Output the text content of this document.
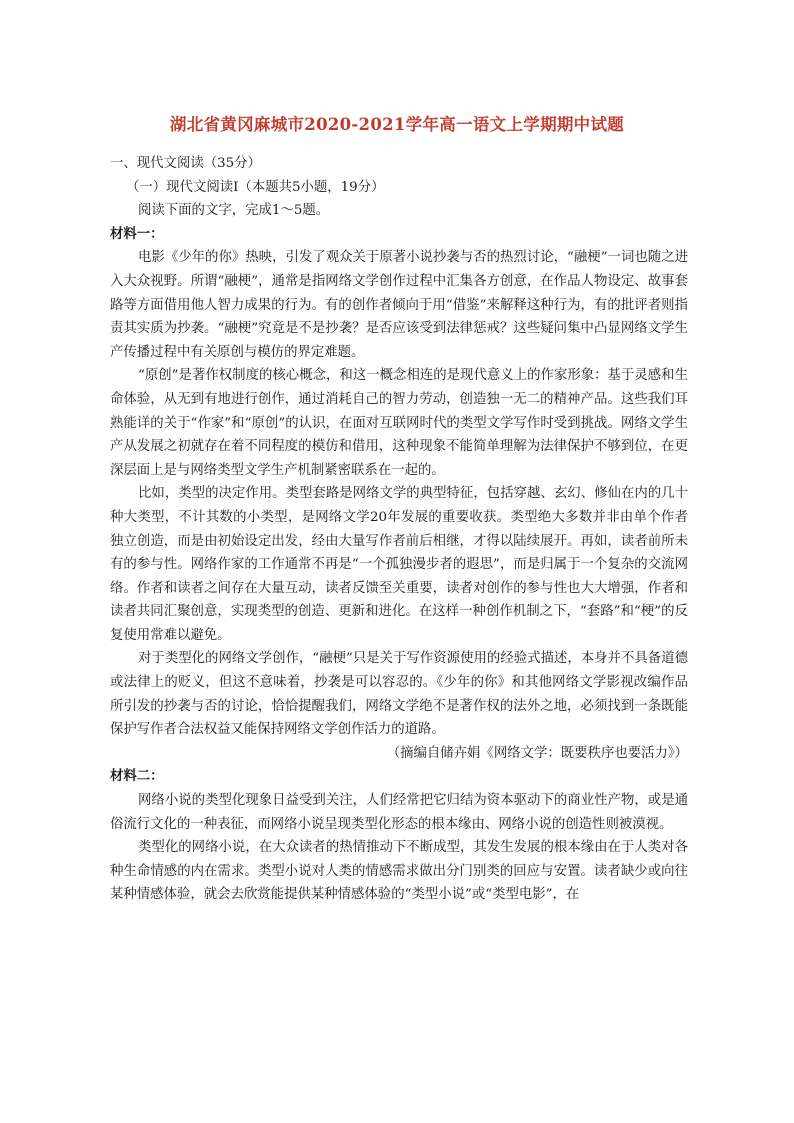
湖北省黄冈麻城市2020-2021学年高一语文上学期期中试题

一、现代文阅读（35分）

（一）现代文阅读Ⅰ（本题共5小题，19分）

阅读下面的文字，完成1～5题。

材料一：

电影《少年的你》热映，引发了观众关于原著小说抄袭与否的热烈讨论，“融梗”一词也随之进入大众视野。所谓“融梗”，通常是指网络文学创作过程中汇集各方创意，在作品人物设定、故事套路等方面借用他人智力成果的行为。有的创作者倾向于用“借鉴”来解释这种行为，有的批评者则指责其实质为抄袭。“融梗”究竟是不是抄袭？是否应该受到法律惩戒？这些疑问集中凸显网络文学生产传播过程中有关原创与模仿的界定难题。

“原创”是著作权制度的核心概念，和这一概念相连的是现代意义上的作家形象：基于灵感和生命体验，从无到有地进行创作，通过消耗自己的智力劳动，创造独一无二的精神产品。这些我们耳熟能详的关于“作家”和“原创”的认识，在面对互联网时代的类型文学写作时受到挑战。网络文学生产从发展之初就存在着不同程度的模仿和借用，这种现象不能简单理解为法律保护不够到位，在更深层面上是与网络类型文学生产机制紧密联系在一起的。

比如，类型的决定作用。类型套路是网络文学的典型特征，包括穿越、玄幻、修仙在内的几十种大类型，不计其数的小类型，是网络文学20年发展的重要收获。类型绝大多数并非由单个作者独立创造，而是由初始设定出发，经由大量写作者前后相继，才得以陆续展开。再如，读者前所未有的参与性。网络作家的工作通常不再是“一个孤独漫步者的遐思”，而是归属于一个复杂的交流网络。作者和读者之间存在大量互动，读者反馈至关重要，读者对创作的参与性也大大增强，作者和读者共同汇聚创意，实现类型的创造、更新和进化。在这样一种创作机制之下，“套路”和“梗”的反复使用常难以避免。

对于类型化的网络文学创作，“融梗”只是关于写作资源使用的经验式描述，本身并不具备道德或法律上的贬义，但这不意味着，抄袭是可以容忍的。《少年的你》和其他网络文学影视改编作品所引发的抄袭与否的讨论，恰恰提醒我们，网络文学绝不是著作权的法外之地，必须找到一条既能保护写作者合法权益又能保持网络文学创作活力的道路。

（摘编自储卉娟《网络文学：既要秩序也要活力》）

材料二：

网络小说的类型化现象日益受到关注，人们经常把它归结为资本驱动下的商业性产物，或是通俗流行文化的一种表征，而网络小说呈现类型化形态的根本缘由、网络小说的创造性则被漠视。

类型化的网络小说，在大众读者的热情推动下不断成型，其发生发展的根本缘由在于人类对各种生命情感的内在需求。类型小说对人类的情感需求做出分门别类的回应与安置。读者缺少或向往某种情感体验，就会去欣赏能提供某种情感体验的“类型小说”或“类型电影”，在
